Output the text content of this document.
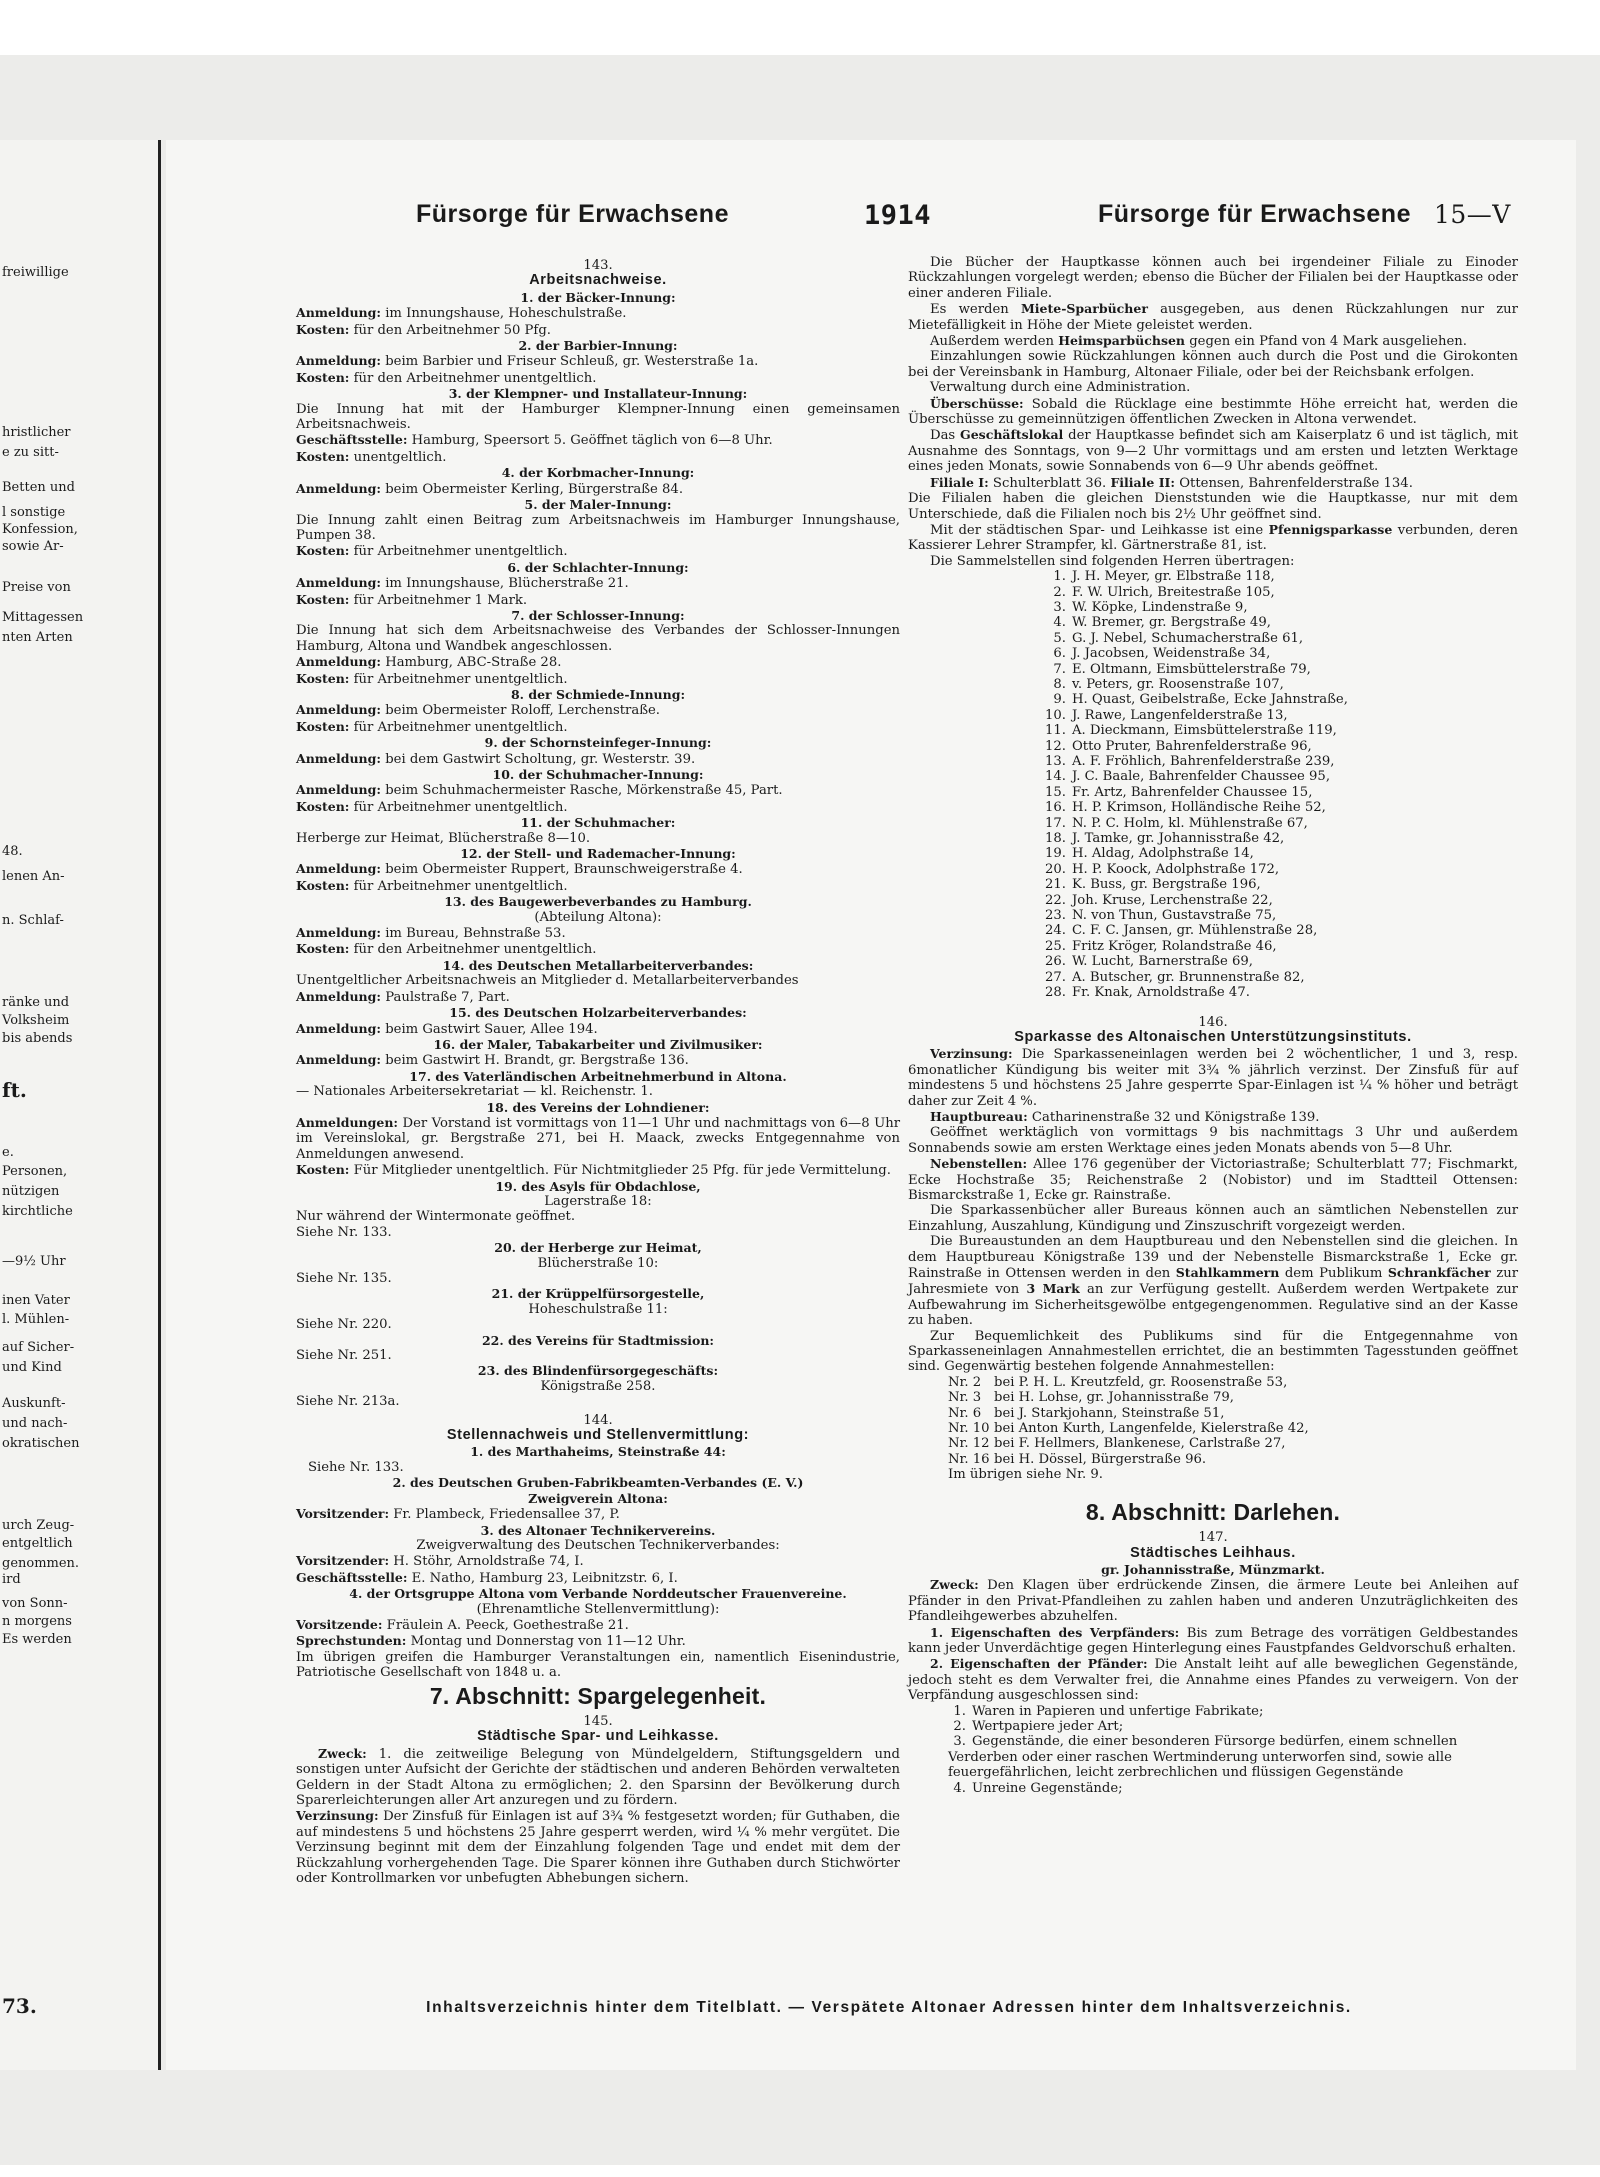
freiwillige
hristlicher
e zu sitt-
Betten und
l sonstige
Konfession,
sowie Ar-
Preise von
Mittagessen
nten Arten
48.
lenen An-
n. Schlaf-
ränke und
Volksheim
bis abends
ft.
e.
Personen,
nützigen
kirchtliche
—9½ Uhr
inen Vater
l. Mühlen-
auf Sicher-
und Kind
Auskunft-
und nach-
okratischen
urch Zeug-
entgeltlich
genommen.
ird
von Sonn-
n morgens
Es werden
73.
Fürsorge für Erwachsene	1914	Fürsorge für Erwachsene 15—V

143.

Arbeitsnachweise.

1. der Bäcker-Innung:

Anmeldung: im Innungshause, Hoheschulstraße.

Kosten: für den Arbeitnehmer 50 Pfg.

2. der Barbier-Innung:

Anmeldung: beim Barbier und Friseur Schleuß, gr. Westerstraße 1a.

Kosten: für den Arbeitnehmer unentgeltlich.

3. der Klempner- und Installateur-Innung:

Die Innung hat mit der Hamburger Klempner-Innung einen gemeinsamen Arbeitsnachweis.

Geschäftsstelle: Hamburg, Speersort 5. Geöffnet täglich von 6—8 Uhr.

Kosten: unentgeltlich.

4. der Korbmacher-Innung:

Anmeldung: beim Obermeister Kerling, Bürgerstraße 84.

5. der Maler-Innung:

Die Innung zahlt einen Beitrag zum Arbeitsnachweis im Hamburger Innungshause, Pumpen 38.

Kosten: für Arbeitnehmer unentgeltlich.

6. der Schlachter-Innung:

Anmeldung: im Innungshause, Blücherstraße 21.

Kosten: für Arbeitnehmer 1 Mark.

7. der Schlosser-Innung:

Die Innung hat sich dem Arbeitsnachweise des Verbandes der Schlosser-Innungen Hamburg, Altona und Wandbek angeschlossen.

Anmeldung: Hamburg, ABC-Straße 28.

Kosten: für Arbeitnehmer unentgeltlich.

8. der Schmiede-Innung:

Anmeldung: beim Obermeister Roloff, Lerchenstraße.

Kosten: für Arbeitnehmer unentgeltlich.

9. der Schornsteinfeger-Innung:

Anmeldung: bei dem Gastwirt Scholtung, gr. Westerstr. 39.

10. der Schuhmacher-Innung:

Anmeldung: beim Schuhmachermeister Rasche, Mörkenstraße 45, Part.

Kosten: für Arbeitnehmer unentgeltlich.

11. der Schuhmacher:

Herberge zur Heimat, Blücherstraße 8—10.

12. der Stell- und Rademacher-Innung:

Anmeldung: beim Obermeister Ruppert, Braunschweigerstraße 4.

Kosten: für Arbeitnehmer unentgeltlich.

13. des Baugewerbeverbandes zu Hamburg.

(Abteilung Altona):

Anmeldung: im Bureau, Behnstraße 53.

Kosten: für den Arbeitnehmer unentgeltlich.

14. des Deutschen Metallarbeiterverbandes:

Unentgeltlicher Arbeitsnachweis an Mitglieder d. Metallarbeiterverbandes

Anmeldung: Paulstraße 7, Part.

15. des Deutschen Holzarbeiterverbandes:

Anmeldung: beim Gastwirt Sauer, Allee 194.

16. der Maler, Tabakarbeiter und Zivilmusiker:

Anmeldung: beim Gastwirt H. Brandt, gr. Bergstraße 136.

17. des Vaterländischen Arbeitnehmerbund in Altona.

— Nationales Arbeitersekretariat — kl. Reichenstr. 1.

18. des Vereins der Lohndiener:

Anmeldungen: Der Vorstand ist vormittags von 11—1 Uhr und nachmittags von 6—8 Uhr im Vereinslokal, gr. Bergstraße 271, bei H. Maack, zwecks Entgegennahme von Anmeldungen anwesend.

Kosten: Für Mitglieder unentgeltlich. Für Nichtmitglieder 25 Pfg. für jede Vermittelung.

19. des Asyls für Obdachlose,

Lagerstraße 18:

Nur während der Wintermonate geöffnet.

Siehe Nr. 133.

20. der Herberge zur Heimat,

Blücherstraße 10:

Siehe Nr. 135.

21. der Krüppelfürsorgestelle,

Hoheschulstraße 11:

Siehe Nr. 220.

22. des Vereins für Stadtmission:

Siehe Nr. 251.

23. des Blindenfürsorgegeschäfts:

Königstraße 258.

Siehe Nr. 213a.

144.

Stellennachweis und Stellenvermittlung:

1. des Marthaheims, Steinstraße 44:

Siehe Nr. 133.

2. des Deutschen Gruben-Fabrikbeamten-Verbandes (E. V.)

Zweigverein Altona:

Vorsitzender: Fr. Plambeck, Friedensallee 37, P.

3. des Altonaer Technikervereins.

Zweigverwaltung des Deutschen Technikerverbandes:

Vorsitzender: H. Stöhr, Arnoldstraße 74, I.

Geschäftsstelle: E. Natho, Hamburg 23, Leibnitzstr. 6, I.

4. der Ortsgruppe Altona vom Verbande Norddeutscher Frauenvereine.

(Ehrenamtliche Stellenvermittlung):

Vorsitzende: Fräulein A. Peeck, Goethestraße 21.

Sprechstunden: Montag und Donnerstag von 11—12 Uhr.

Im übrigen greifen die Hamburger Veranstaltungen ein, namentlich Eisenindustrie, Patriotische Gesellschaft von 1848 u. a.

7. Abschnitt: Spargelegenheit.

145.

Städtische Spar- und Leihkasse.

Zweck: 1. die zeitweilige Belegung von Mündelgeldern, Stiftungsgeldern und sonstigen unter Aufsicht der Gerichte der städtischen und anderen Behörden verwalteten Geldern in der Stadt Altona zu ermöglichen; 2. den Sparsinn der Bevölkerung durch Sparerleichterungen aller Art anzuregen und zu fördern.

Verzinsung: Der Zinsfuß für Einlagen ist auf 3¾ % festgesetzt worden; für Guthaben, die auf mindestens 5 und höchstens 25 Jahre gesperrt werden, wird ¼ % mehr vergütet. Die Verzinsung beginnt mit dem der Einzahlung folgenden Tage und endet mit dem der Rückzahlung vorhergehenden Tage. Die Sparer können ihre Guthaben durch Stichwörter oder Kontrollmarken vor unbefugten Abhebungen sichern.

Die Bücher der Hauptkasse können auch bei irgendeiner Filiale zu Einoder Rückzahlungen vorgelegt werden; ebenso die Bücher der Filialen bei der Hauptkasse oder einer anderen Filiale.

Es werden Miete-Sparbücher ausgegeben, aus denen Rückzahlungen nur zur Mietefälligkeit in Höhe der Miete geleistet werden.

Außerdem werden Heimsparbüchsen gegen ein Pfand von 4 Mark ausgeliehen.

Einzahlungen sowie Rückzahlungen können auch durch die Post und die Girokonten bei der Vereinsbank in Hamburg, Altonaer Filiale, oder bei der Reichsbank erfolgen.

Verwaltung durch eine Administration.

Überschüsse: Sobald die Rücklage eine bestimmte Höhe erreicht hat, werden die Überschüsse zu gemeinnützigen öffentlichen Zwecken in Altona verwendet.

Das Geschäftslokal der Hauptkasse befindet sich am Kaiserplatz 6 und ist täglich, mit Ausnahme des Sonntags, von 9—2 Uhr vormittags und am ersten und letzten Werktage eines jeden Monats, sowie Sonnabends von 6—9 Uhr abends geöffnet.

Filiale I: Schulterblatt 36. Filiale II: Ottensen, Bahrenfelderstraße 134.

Die Filialen haben die gleichen Dienststunden wie die Hauptkasse, nur mit dem Unterschiede, daß die Filialen noch bis 2½ Uhr geöffnet sind.

Mit der städtischen Spar- und Leihkasse ist eine Pfennigsparkasse verbunden, deren Kassierer Lehrer Strampfer, kl. Gärtnerstraße 81, ist.

Die Sammelstellen sind folgenden Herren übertragen:

1. J. H. Meyer, gr. Elbstraße 118,
2. F. W. Ulrich, Breitestraße 105,
3. W. Köpke, Lindenstraße 9,
4. W. Bremer, gr. Bergstraße 49,
5. G. J. Nebel, Schumacherstraße 61,
6. J. Jacobsen, Weidenstraße 34,
7. E. Oltmann, Eimsbüttelerstraße 79,
8. v. Peters, gr. Roosenstraße 107,
9. H. Quast, Geibelstraße, Ecke Jahnstraße,
10. J. Rawe, Langenfelderstraße 13,
11. A. Dieckmann, Eimsbüttelerstraße 119,
12. Otto Pruter, Bahrenfelderstraße 96,
13. A. F. Fröhlich, Bahrenfelderstraße 239,
14. J. C. Baale, Bahrenfelder Chaussee 95,
15. Fr. Artz, Bahrenfelder Chaussee 15,
16. H. P. Krimson, Holländische Reihe 52,
17. N. P. C. Holm, kl. Mühlenstraße 67,
18. J. Tamke, gr. Johannisstraße 42,
19. H. Aldag, Adolphstraße 14,
20. H. P. Koock, Adolphstraße 172,
21. K. Buss, gr. Bergstraße 196,
22. Joh. Kruse, Lerchenstraße 22,
23. N. von Thun, Gustavstraße 75,
24. C. F. C. Jansen, gr. Mühlenstraße 28,
25. Fritz Kröger, Rolandstraße 46,
26. W. Lucht, Barnerstraße 69,
27. A. Butscher, gr. Brunnenstraße 82,
28. Fr. Knak, Arnoldstraße 47.

146.

Sparkasse des Altonaischen Unterstützungsinstituts.

Verzinsung: Die Sparkasseneinlagen werden bei 2 wöchentlicher, 1 und 3, resp. 6monatlicher Kündigung bis weiter mit 3¾ % jährlich verzinst. Der Zinsfuß für auf mindestens 5 und höchstens 25 Jahre gesperrte Spar-Einlagen ist ¼ % höher und beträgt daher zur Zeit 4 %.

Hauptbureau: Catharinenstraße 32 und Königstraße 139.

Geöffnet werktäglich von vormittags 9 bis nachmittags 3 Uhr und außerdem Sonnabends sowie am ersten Werktage eines jeden Monats abends von 5—8 Uhr.

Nebenstellen: Allee 176 gegenüber der Victoriastraße; Schulterblatt 77; Fischmarkt, Ecke Hochstraße 35; Reichenstraße 2 (Nobistor) und im Stadtteil Ottensen: Bismarckstraße 1, Ecke gr. Rainstraße.

Die Sparkassenbücher aller Bureaus können auch an sämtlichen Nebenstellen zur Einzahlung, Auszahlung, Kündigung und Zinszuschrift vorgezeigt werden.

Die Bureaustunden an dem Hauptbureau und den Nebenstellen sind die gleichen. In dem Hauptbureau Königstraße 139 und der Nebenstelle Bismarckstraße 1, Ecke gr. Rainstraße in Ottensen werden in den Stahlkammern dem Publikum Schrankfächer zur Jahresmiete von 3 Mark an zur Verfügung gestellt. Außerdem werden Wertpakete zur Aufbewahrung im Sicherheitsgewölbe entgegengenommen. Regulative sind an der Kasse zu haben.

Zur Bequemlichkeit des Publikums sind für die Entgegennahme von Sparkasseneinlagen Annahmestellen errichtet, die an bestimmten Tagesstunden geöffnet sind. Gegenwärtig bestehen folgende Annahmestellen:

Nr. 2 bei P. H. L. Kreutzfeld, gr. Roosenstraße 53,
Nr. 3 bei H. Lohse, gr. Johannisstraße 79,
Nr. 6 bei J. Starkjohann, Steinstraße 51,
Nr. 10 bei Anton Kurth, Langenfelde, Kielerstraße 42,
Nr. 12 bei F. Hellmers, Blankenese, Carlstraße 27,
Nr. 16 bei H. Dössel, Bürgerstraße 96.

Im übrigen siehe Nr. 9.

8. Abschnitt: Darlehen.

147.

Städtisches Leihhaus.

gr. Johannisstraße, Münzmarkt.

Zweck: Den Klagen über erdrückende Zinsen, die ärmere Leute bei Anleihen auf Pfänder in den Privat-Pfandleihen zu zahlen haben und anderen Unzuträglichkeiten des Pfandleihgewerbes abzuhelfen.

1. Eigenschaften des Verpfänders: Bis zum Betrage des vorrätigen Geldbestandes kann jeder Unverdächtige gegen Hinterlegung eines Faustpfandes Geldvorschuß erhalten.

2. Eigenschaften der Pfänder: Die Anstalt leiht auf alle beweglichen Gegenstände, jedoch steht es dem Verwalter frei, die Annahme eines Pfandes zu verweigern. Von der Verpfändung ausgeschlossen sind:

1. Waren in Papieren und unfertige Fabrikate;
2. Wertpapiere jeder Art;
3. Gegenstände, die einer besonderen Fürsorge bedürfen, einem schnellen Verderben oder einer raschen Wertminderung unterworfen sind, sowie alle feuergefährlichen, leicht zerbrechlichen und flüssigen Gegenstände
4. Unreine Gegenstände;
Inhaltsverzeichnis hinter dem Titelblatt. — Verspätete Altonaer Adressen hinter dem Inhaltsverzeichnis.
